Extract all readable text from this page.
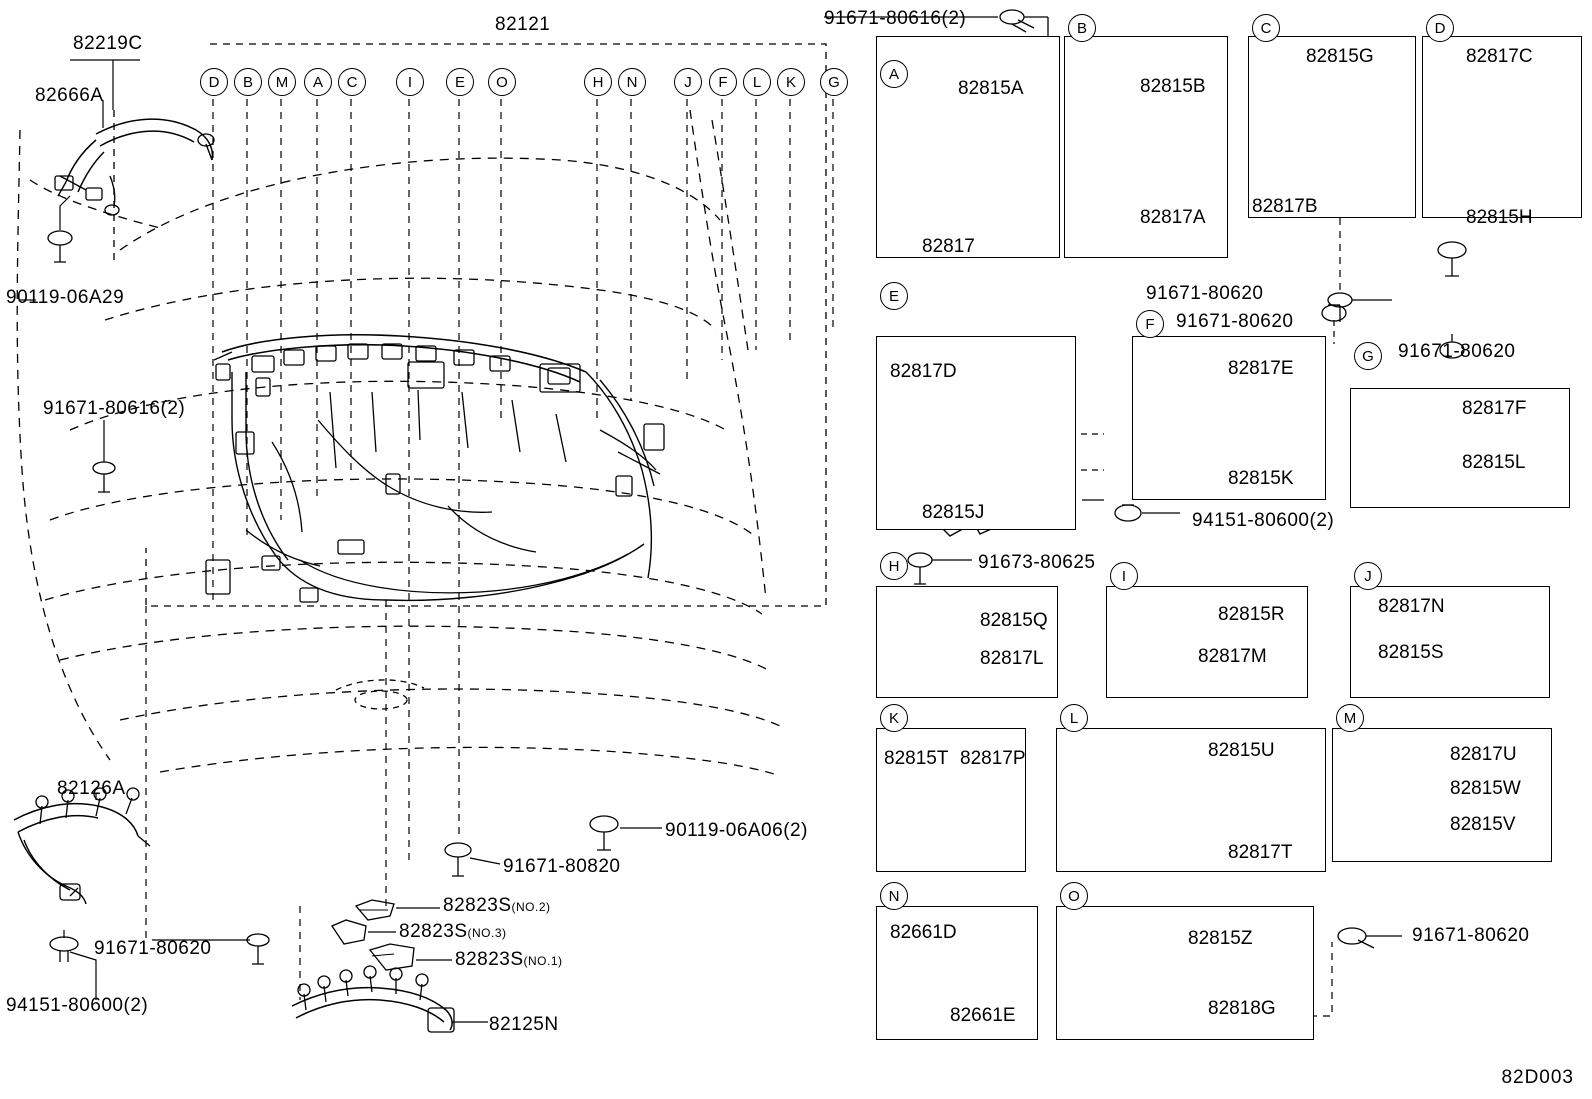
82121
82219C
82666A
90119-06A29
91671-80616(2)
82126A
91671-80620
94151-80600(2)
82125N
91671-80820
90119-06A06(2)
82823S(NO.2)
82823S(NO.3)
82823S(NO.1)
D B M A C	I	E O	H N	J F L K G
91671-80616(2)
91671-80620
91671-80620
91671-80620
94151-80600(2)
91673-80625
91671-80620
A
82815A
82817
B
82815B
82817A
C
82815G
82817B
D
82817C
82815H
E
82817D
82815J
F
82817E
82815K
G
82817F
82815L
H
82815Q
82817L
I
82815R
82817M
J
82817N
82815S
K
82815T 82817P
L
82815U
82817T
M
82817U
82815W
82815V
N
82661D
82661E
O
82815Z
82818G
82D003
